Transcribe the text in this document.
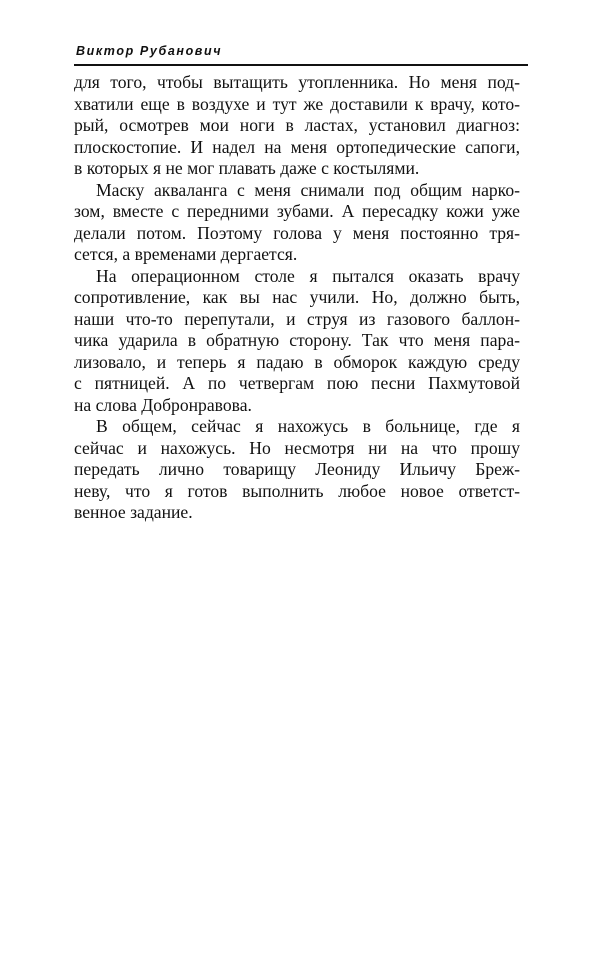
Виктор Рубанович
для того, чтобы вытащить утопленника. Но меня под-
хватили еще в воздухе и тут же доставили к врачу, кото-
рый, осмотрев мои ноги в ластах, установил диагноз:
плоскостопие. И надел на меня ортопедические сапоги,
в которых я не мог плавать даже с костылями.
Маску акваланга с меня снимали под общим нарко-
зом, вместе с передними зубами. А пересадку кожи уже
делали потом. Поэтому голова у меня постоянно тря-
сется, а временами дергается.
На операционном столе я пытался оказать врачу
сопротивление, как вы нас учили. Но, должно быть,
наши что-то перепутали, и струя из газового баллон-
чика ударила в обратную сторону. Так что меня пара-
лизовало, и теперь я падаю в обморок каждую среду
с пятницей. А по четвергам пою песни Пахмутовой
на слова Добронравова.
В общем, сейчас я нахожусь в больнице, где я
сейчас и нахожусь. Но несмотря ни на что прошу
передать лично товарищу Леониду Ильичу Бреж-
неву, что я готов выполнить любое новое ответст-
венное задание.
